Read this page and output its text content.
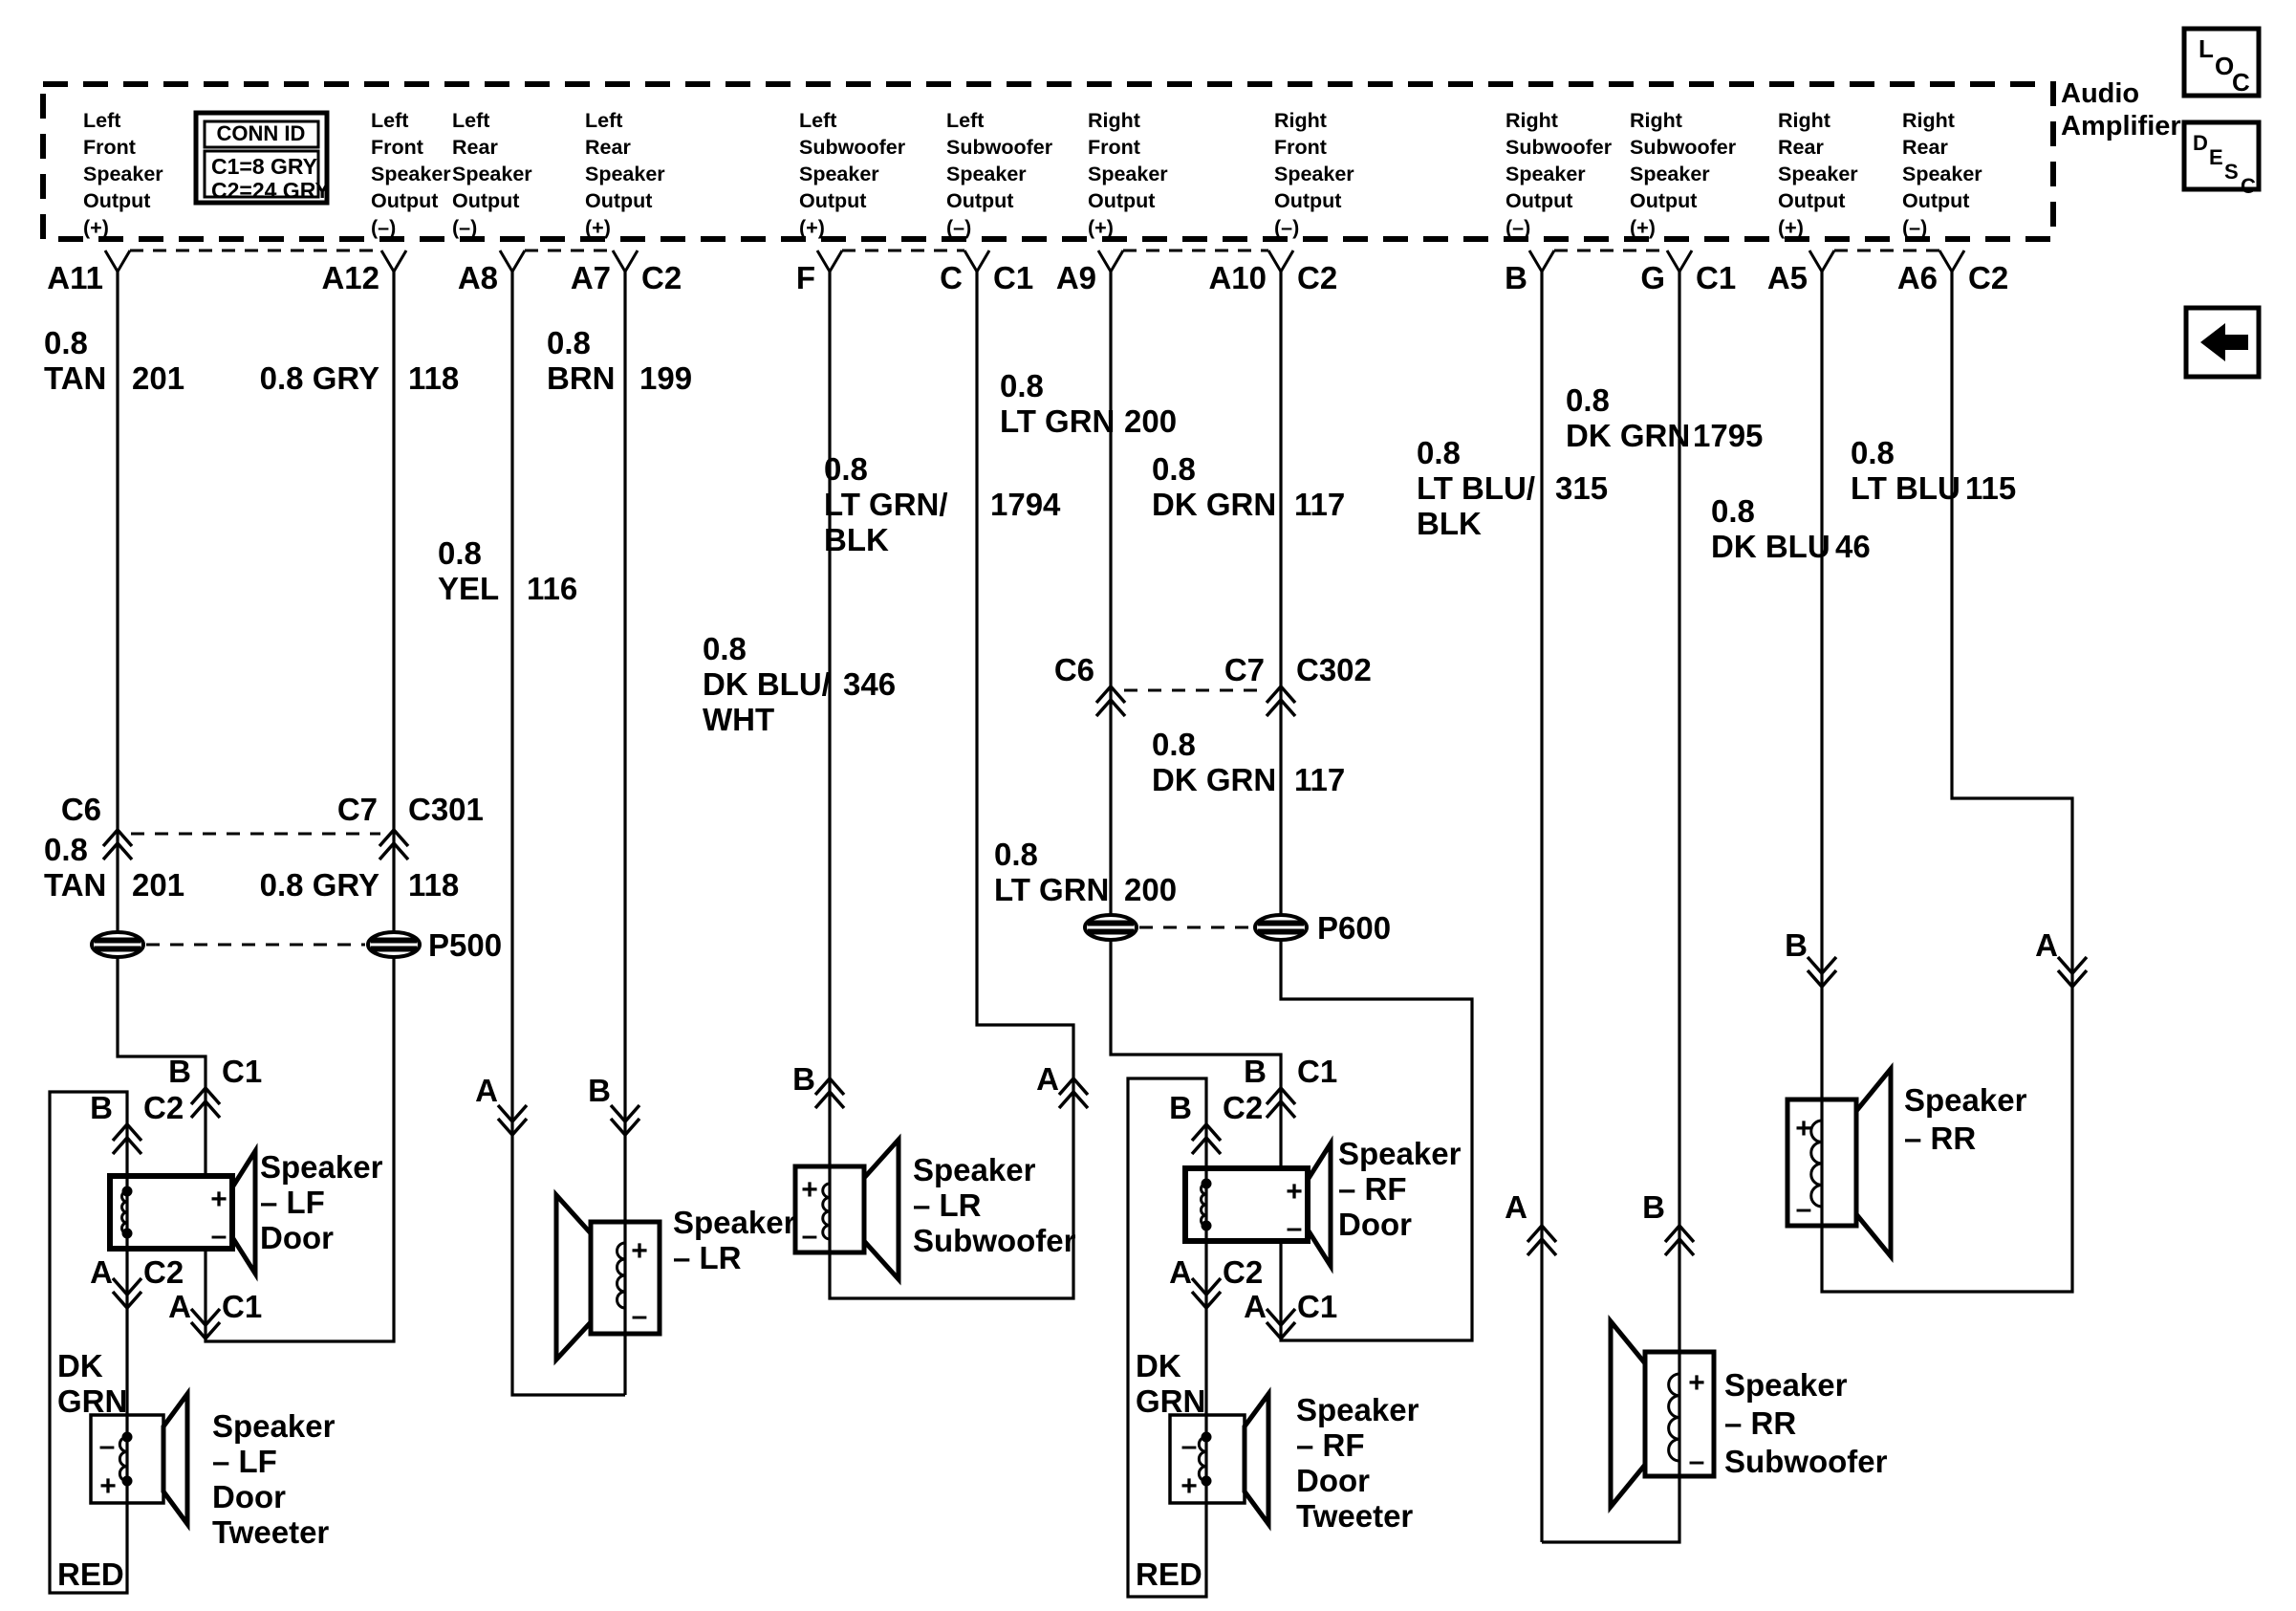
Left
Front
Speaker
Output
(+)
Left
Front
Speaker
Output
(–)
Left
Rear
Speaker
Output
(–)
Left
Rear
Speaker
Output
(+)
Left
Subwoofer
Speaker
Output
(+)
Left
Subwoofer
Speaker
Output
(–)
Right
Front
Speaker
Output
(+)
Right
Front
Speaker
Output
(–)
Right
Subwoofer
Speaker
Output
(–)
Right
Subwoofer
Speaker
Output
(+)
Right
Rear
Speaker
Output
(+)
Right
Rear
Speaker
Output
(–)
Audio
Amplifier
CONN ID
C1=8 GRY
C2=24 GRY
A11	A12 A8 A7 C2	F	C C1 A9	A10 C2	B	G C1 A5	A6 C2
0.8
TAN 201 0.8 GRY 118
0.8
BRN 199
0.8
YEL 116
0.8
DK BLU/
WHT
346
0.8
LT GRN/
BLK
1794
0.8
LT GRN 200
0.8
DK GRN 117
0.8
LT BLU/
BLK
315
0.8
DK GRN 1795
0.8
DK BLU 46
0.8
LT BLU 115
C6	C7 C301
0.8
TAN 201 0.8 GRY 118
P500
C6	C7 C302
0.8
DK GRN 117
0.8
LT GRN 200
P600
B C1
B C2
A C2
A C1
B C1
B C2
A C2
A C1
A	B	B	A
B	A
A	B
Speaker
– LF
Door
Speaker
– LF
Door
Tweeter
Speaker
– LR
Speaker
– LR
Subwoofer
Speaker
– RF
Door
Speaker
– RF
Door
Tweeter
Speaker
– RR
Speaker
– RR
Subwoofer
+
–
+
–
+
–
+
–
+
–
+
–
–
+
–
+
DK
GRN
RED
DK
GRN
RED
L
O
C
D
E
S
C
